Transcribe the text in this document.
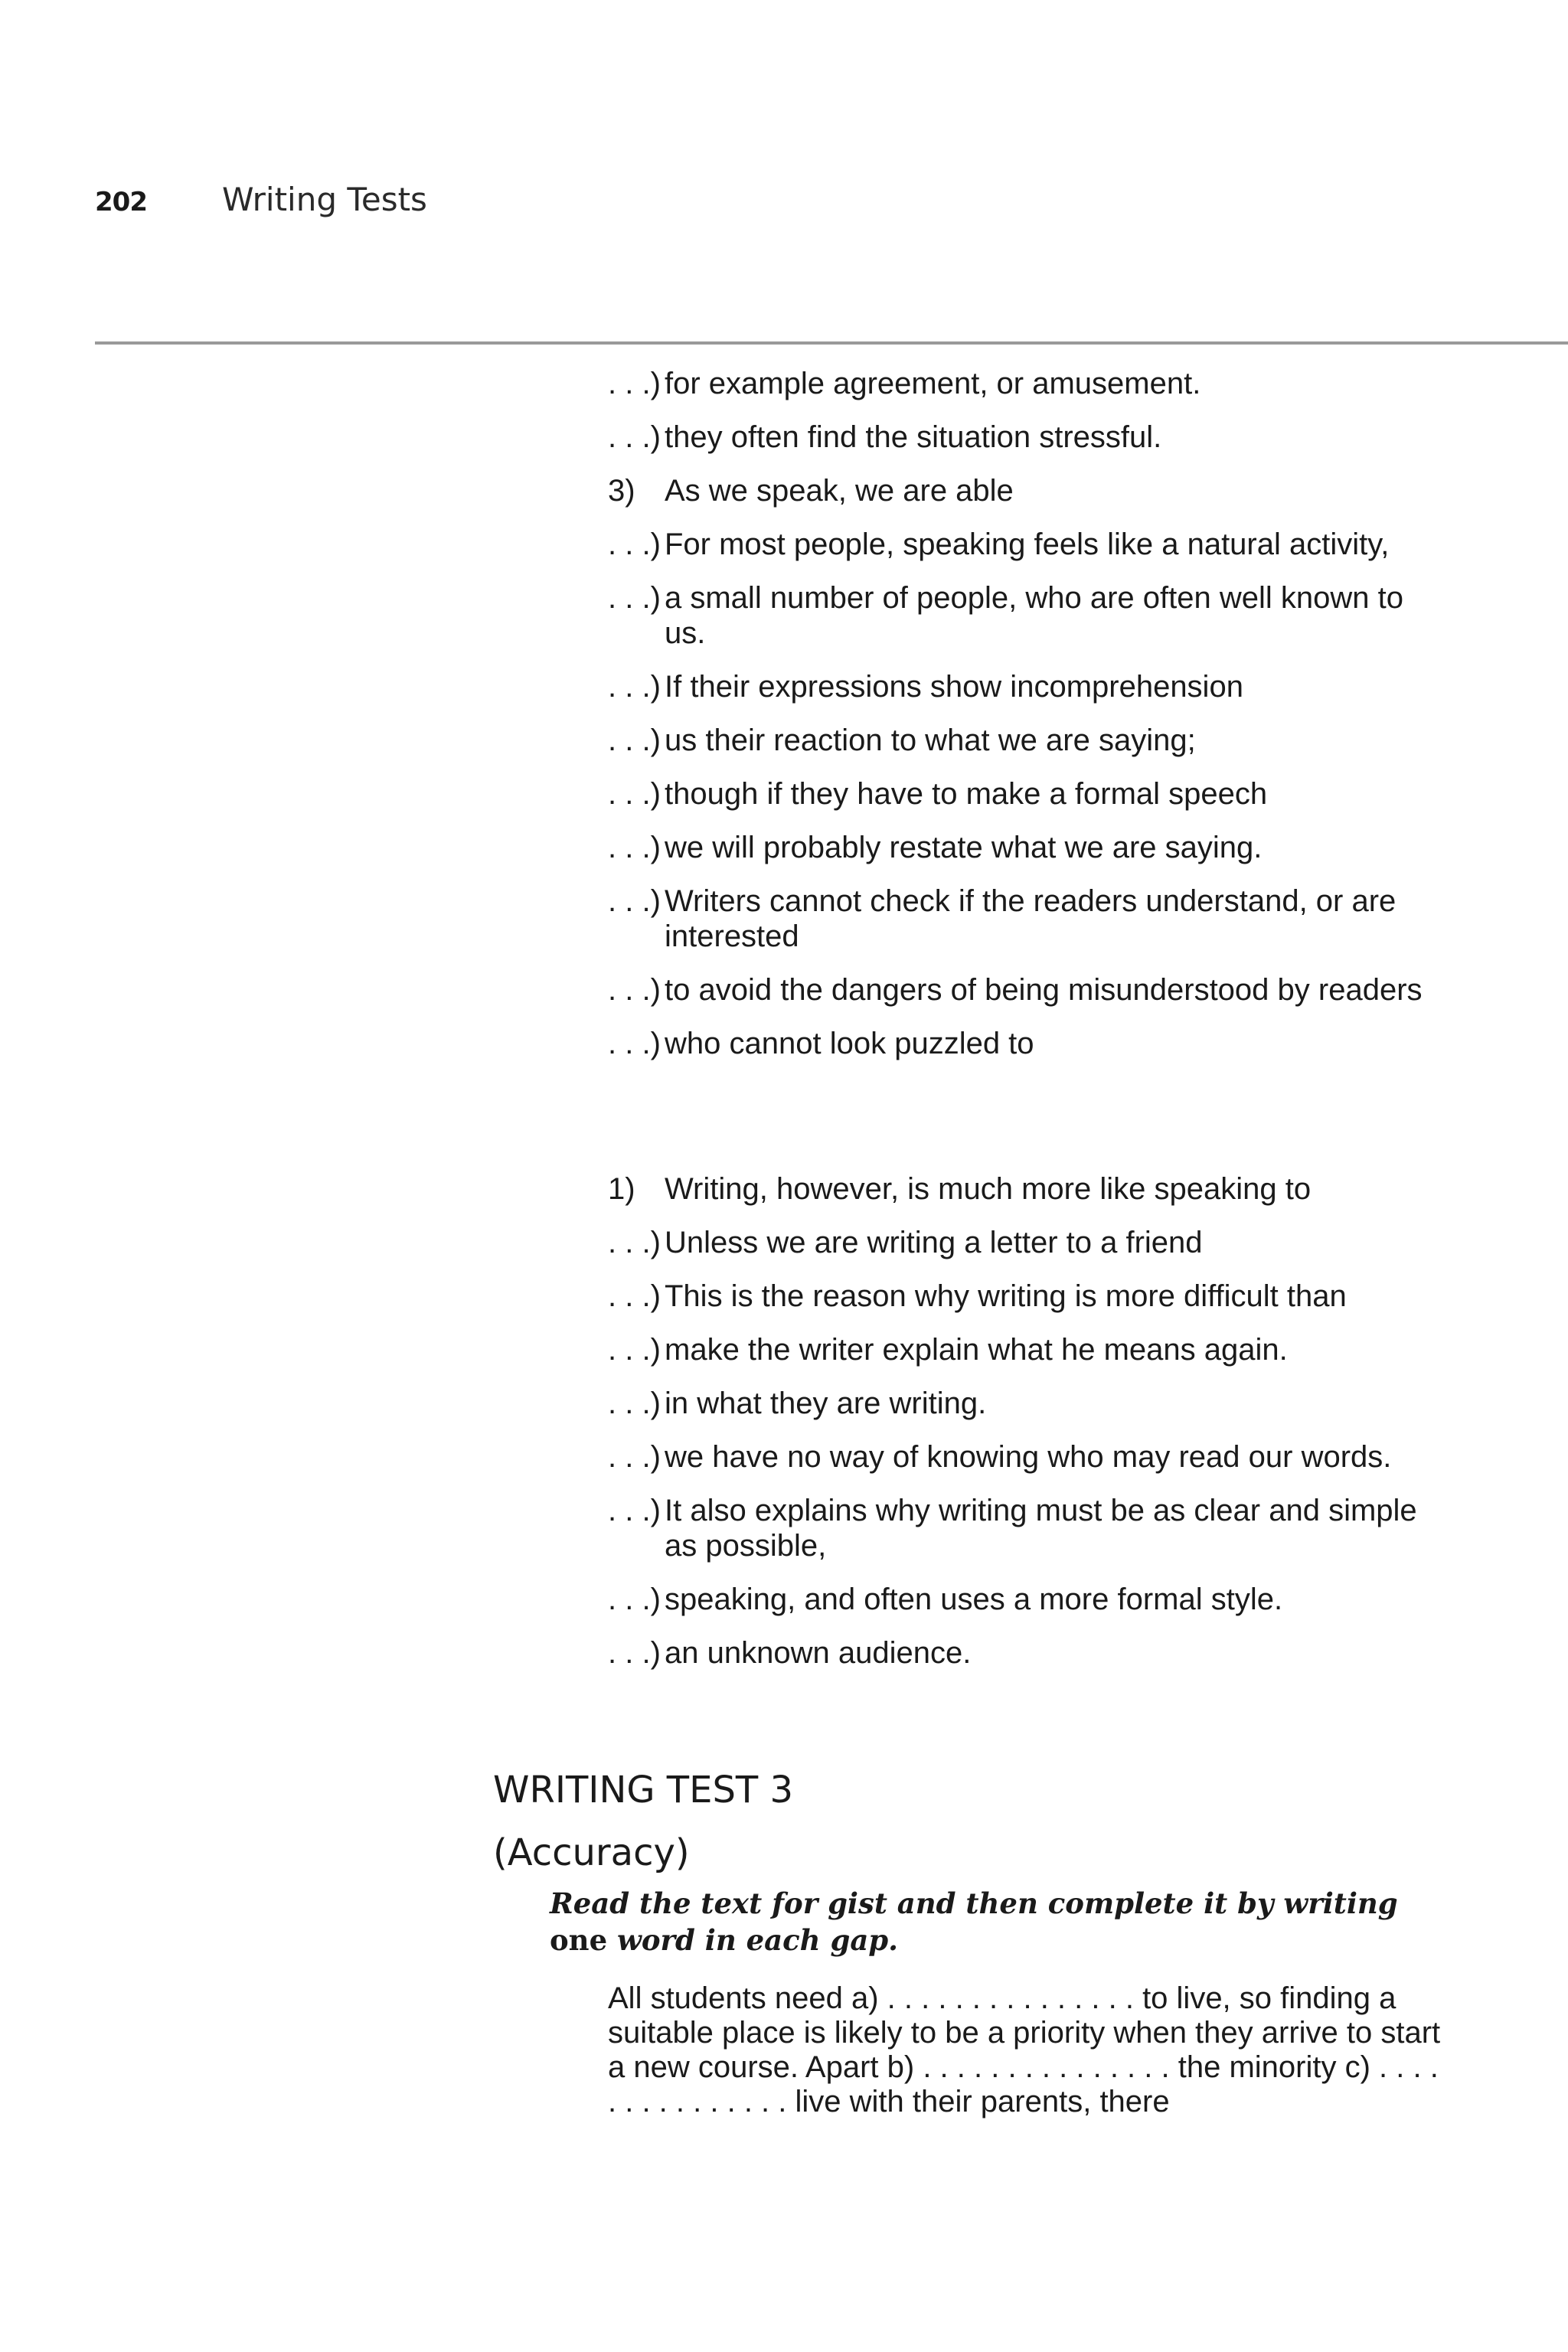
202 Writing Tests
. . .) for example agreement, or amusement.
. . .) they often find the situation stressful.
3) As we speak, we are able
. . .) For most people, speaking feels like a natural activity,
. . .) a small number of people, who are often well known to us.
. . .) If their expressions show incomprehension
. . .) us their reaction to what we are saying;
. . .) though if they have to make a formal speech
. . .) we will probably restate what we are saying.
. . .) Writers cannot check if the readers understand, or are interested
. . .) to avoid the dangers of being misunderstood by readers
. . .) who cannot look puzzled to
1) Writing, however, is much more like speaking to
. . .) Unless we are writing a letter to a friend
. . .) This is the reason why writing is more difficult than
. . .) make the writer explain what he means again.
. . .) in what they are writing.
. . .) we have no way of knowing who may read our words.
. . .) It also explains why writing must be as clear and simple as possible,
. . .) speaking, and often uses a more formal style.
. . .) an unknown audience.
WRITING TEST 3
(Accuracy)

Read the text for gist and then complete it by writing one word in each gap.

All students need a) . . . . . . . . . . . . . . . to live, so finding a suitable place is likely to be a priority when they arrive to start a new course. Apart b) . . . . . . . . . . . . . . . the minority c) . . . . . . . . . . . . . . . live with their parents, there
